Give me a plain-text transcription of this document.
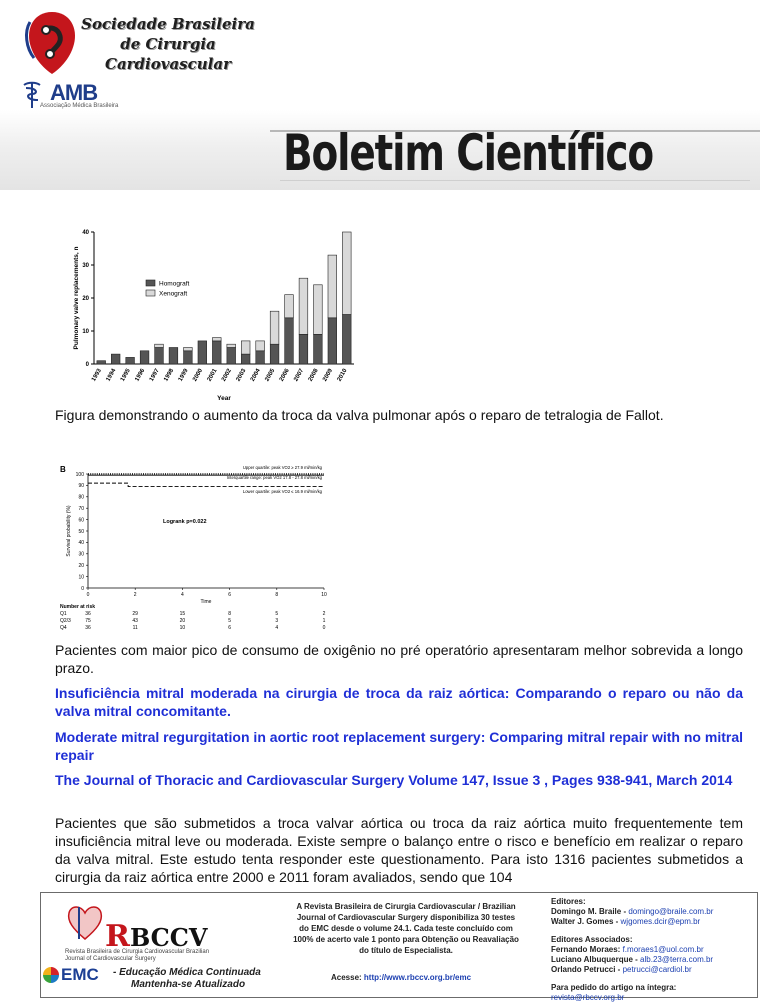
Sociedade Brasileira
de Cirurgia
Cardiovascular
AMB
Associação Médica Brasileira
Boletim Científico
0
10
20
30
40
1993 1994 1995 1996 1997 1998 1999 2000 2001 2002 2003 2004 2005 2006 2007 2008 2009 2010
Pulmonary valve replacements, n
Year
Homograft
Xenograft
Figura demonstrando o aumento da troca da valva pulmonar após o reparo de tetralogia de Fallot.
B
0
10
20
30
40
50
60
70
80
90
100
0	2	4	6	8	10
Time
Survival probability (%)
Upper quartile: peak VO2 ≥ 27.9 ml/min/kg
Interquartile range: peak VO2 17.8 - 27.8 ml/min/kg
Lower quartile: peak VO2 ≤ 16.9 ml/min/kg
Logrank p=0.022
Number at risk
Q1	36	29	15	8	5	2
Q2/3	75	43	20	5	3	1
Q4	36	11	10	6	4	0
Pacientes com maior pico de consumo de oxigênio no pré operatório apresentaram melhor sobrevida a longo prazo.
Insuficiência mitral moderada na cirurgia de troca da raiz aórtica: Comparando o reparo ou não da valva mitral concomitante.
Moderate mitral regurgitation in aortic root replacement surgery: Comparing mitral repair with no mitral repair
The Journal of Thoracic and Cardiovascular Surgery Volume 147, Issue 3 , Pages 938-941, March 2014
Pacientes que são submetidos a troca valvar aórtica ou troca da raiz aórtica muito frequentemente tem insuficiência mitral leve ou moderada. Existe sempre o balanço entre o risco e benefício em realizar o reparo da valva mitral. Este estudo tenta responder este questionamento. Para isto 1316 pacientes submetidos a cirurgia da raiz aórtica entre 2000 e 2011 foram avaliados, sendo que 104
RBCCV
Revista Brasileira de Cirurgia Cardiovascular Brazilian Journal of Cardiovascular Surgery
EMC - Educação Médica Continuada
Mantenha-se Atualizado
A Revista Brasileira de Cirurgia Cardiovascular / Brazilian Journal of Cardiovascular Surgery disponibiliza 30 testes do EMC desde o volume 24.1. Cada teste concluído com 100% de acerto vale 1 ponto para Obtenção ou Reavaliação do título de Especialista.
Acesse: http://www.rbccv.org.br/emc
Editores:
Domingo M. Braile - domingo@braile.com.br
Walter J. Gomes - wjgomes.dcir@epm.br
Editores Associados:
Fernando Moraes: f.moraes1@uol.com.br
Luciano Albuquerque - alb.23@terra.com.br
Orlando Petrucci - petrucci@cardiol.br
Para pedido do artigo na íntegra:
revista@rbccv.org.br
